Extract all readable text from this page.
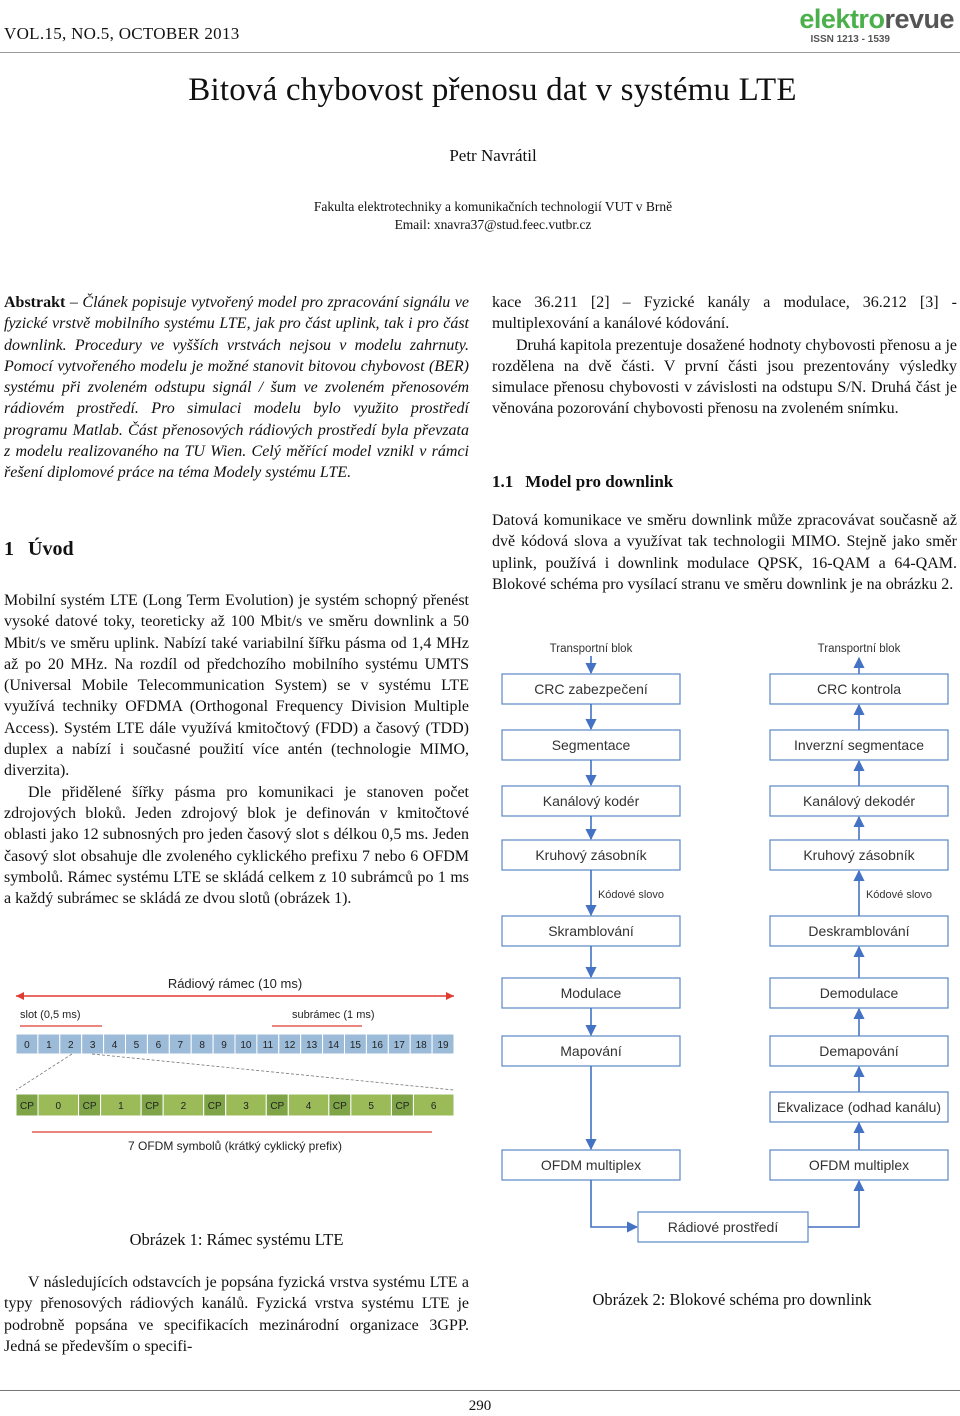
VOL.15, NO.5, OCTOBER 2013	elektrorevue
ISSN 1213 - 1539
Bitová chybovost přenosu dat v systému LTE
Petr Navrátil
Fakulta elektrotechniky a komunikačních technologií VUT v Brně
Email: xnavra37@stud.feec.vutbr.cz
Abstrakt – Článek popisuje vytvořený model pro zpracování signálu ve fyzické vrstvě mobilního systému LTE, jak pro část uplink, tak i pro část downlink. Procedury ve vyšších vrstvách nejsou v modelu zahrnuty. Pomocí vytvořeného modelu je možné stanovit bitovou chybovost (BER) systému při zvoleném odstupu signál / šum ve zvoleném přenosovém rádiovém prostředí. Pro simulaci modelu bylo využito prostředí programu Matlab. Část přenosových rádiových prostředí byla převzata z modelu realizovaného na TU Wien. Celý měřící model vznikl v rámci řešení diplomové práce na téma Modely systému LTE.
1 Úvod

Mobilní systém LTE (Long Term Evolution) je systém schopný přenést vysoké datové toky, teoreticky až 100 Mbit/s ve směru downlink a 50 Mbit/s ve směru uplink. Nabízí také variabilní šířku pásma od 1,4 MHz až po 20 MHz. Na rozdíl od předchozího mobilního systému UMTS (Universal Mobile Telecommunication System) se v systému LTE využívá techniky OFDMA (Orthogonal Frequency Division Multiple Access). Systém LTE dále využívá kmitočtový (FDD) a časový (TDD) duplex a nabízí i současné použití více antén (technologie MIMO, diverzita).

Dle přidělené šířky pásma pro komunikaci je stanoven počet zdrojových bloků. Jeden zdrojový blok je definován v kmitočtové oblasti jako 12 subnosných pro jeden časový slot s délkou 0,5 ms. Jeden časový slot obsahuje dle zvoleného cyklického prefixu 7 nebo 6 OFDM symbolů. Rámec systému LTE se skládá celkem z 10 subrámců po 1 ms a každý subrámec se skládá ze dvou slotů (obrázek 1).

Rádiový rámec (10 ms)
slot (0,5 ms)	subrámec (1 ms)
0 1 2 3 4 5 6 7 8 9 10 11 12 13 14 15 16 17 18 19
CP 0 CP 1 CP 2 CP 3 CP 4 CP 5 CP 6
7 OFDM symbolů (krátký cyklický prefix)
Obrázek 1: Rámec systému LTE

V následujících odstavcích je popsána fyzická vrstva systému LTE a typy přenosových rádiových kanálů. Fyzická vrstva systému LTE je podrobně popsána ve specifikacích mezinárodní organizace 3GPP. Jedná se především o specifi-

kace 36.211 [2] – Fyzické kanály a modulace, 36.212 [3] - multiplexování a kanálové kódování.

Druhá kapitola prezentuje dosažené hodnoty chybovosti přenosu a je rozdělena na dvě části. V první části jsou prezentovány výsledky simulace přenosu chybovosti v závislosti na odstupu S/N. Druhá část je věnována pozorování chybovosti přenosu na zvoleném snímku.

1.1 Model pro downlink

Datová komunikace ve směru downlink může zpracovávat současně až dvě kódová slova a využívat tak technologii MIMO. Stejně jako směr uplink, používá i downlink modulace QPSK, 16-QAM a 64-QAM. Blokové schéma pro vysílací stranu ve směru downlink je na obrázku 2.

Transportní blok
CRC zabezpečení
Segmentace
Kanálový kodér
Kruhový zásobník
Skramblování
Modulace
Mapování
OFDM multiplex
Kódové slovo
Transportní blok
CRC kontrola
Inverzní segmentace
Kanálový dekodér
Kruhový zásobník
Deskramblování
Demodulace
Demapování
Ekvalizace (odhad kanálu)
OFDM multiplex
Kódové slovo
Rádiové prostředí
Obrázek 2: Blokové schéma pro downlink
290
